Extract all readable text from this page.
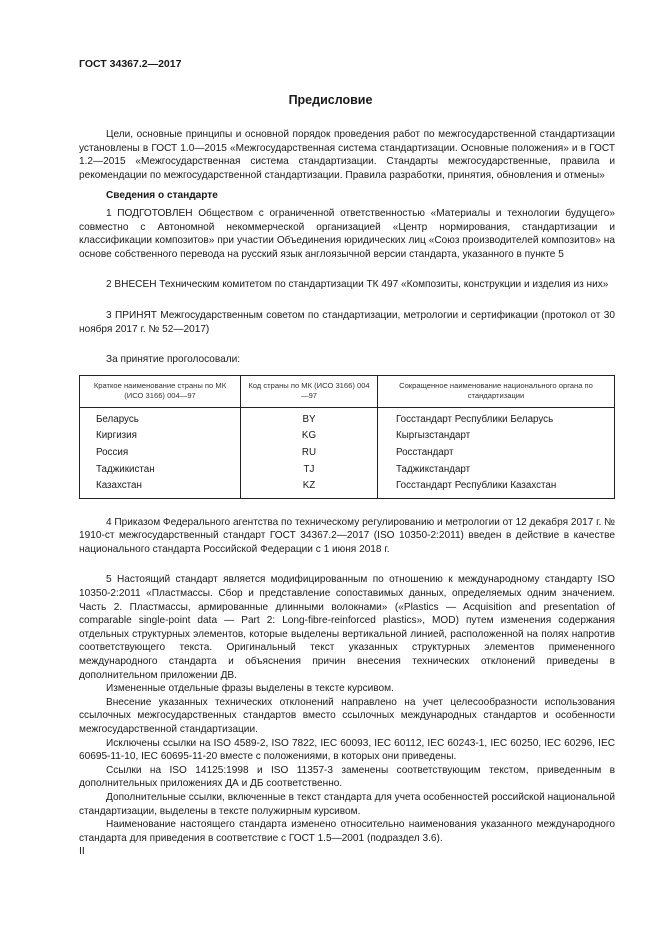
ГОСТ 34367.2—2017
Предисловие

Цели, основные принципы и основной порядок проведения работ по межгосударственной стандартизации установлены в ГОСТ 1.0—2015 «Межгосударственная система стандартизации. Основные положения» и в ГОСТ 1.2—2015 «Межгосударственная система стандартизации. Стандарты межгосударственные, правила и рекомендации по межгосударственной стандартизации. Правила разработки, принятия, обновления и отмены»

Сведения о стандарте

1 ПОДГОТОВЛЕН Обществом с ограниченной ответственностью «Материалы и технологии будущего» совместно с Автономной некоммерческой организацией «Центр нормирования, стандартизации и классификации композитов» при участии Объединения юридических лиц «Союз производителей композитов» на основе собственного перевода на русский язык англоязычной версии стандарта, указанного в пункте 5

2 ВНЕСЕН Техническим комитетом по стандартизации ТК 497 «Композиты, конструкции и изделия из них»

3 ПРИНЯТ Межгосударственным советом по стандартизации, метрологии и сертификации (протокол от 30 ноября 2017 г. № 52—2017)

За принятие проголосовали:

Краткое наименование страны по МК (ИСО 3166) 004—97	Код страны по МК (ИСО 3166) 004—97	Сокращенное наименование национального органа по стандартизации
Беларусь	BY	Госстандарт Республики Беларусь
Киргизия	KG	Кыргызстандарт
Россия	RU	Росстандарт
Таджикистан	TJ	Таджикстандарт
Казахстан	KZ	Госстандарт Республики Казахстан

4 Приказом Федерального агентства по техническому регулированию и метрологии от 12 декабря 2017 г. № 1910-ст межгосударственный стандарт ГОСТ 34367.2—2017 (ISO 10350-2:2011) введен в действие в качестве национального стандарта Российской Федерации с 1 июня 2018 г.

5 Настоящий стандарт является модифицированным по отношению к международному стандарту ISO 10350-2:2011 «Пластмассы. Сбор и представление сопоставимых данных, определяемых одним значением. Часть 2. Пластмассы, армированные длинными волокнами» («Plastics — Acquisition and presentation of comparable single-point data — Part 2: Long-fibre-reinforced plastics», MOD) путем изменения содержания отдельных структурных элементов, которые выделены вертикальной линией, расположенной на полях напротив соответствующего текста. Оригинальный текст указанных структурных элементов примененного международного стандарта и объяснения причин внесения технических отклонений приведены в дополнительном приложении ДВ.

Измененные отдельные фразы выделены в тексте курсивом.

Внесение указанных технических отклонений направлено на учет целесообразности использования ссылочных межгосударственных стандартов вместо ссылочных международных стандартов и особенности межгосударственной стандартизации.

Исключены ссылки на ISO 4589-2, ISO 7822, IEC 60093, IEC 60112, IEC 60243-1, IEC 60250, IEC 60296, IEC 60695-11-10, IEC 60695-11-20 вместе с положениями, в которых они приведены.

Ссылки на ISO 14125:1998 и ISO 11357-3 заменены соответствующим текстом, приведенным в дополнительных приложениях ДА и ДБ соответственно.

Дополнительные ссылки, включенные в текст стандарта для учета особенностей российской национальной стандартизации, выделены в тексте полужирным курсивом.

Наименование настоящего стандарта изменено относительно наименования указанного международного стандарта для приведения в соответствие с ГОСТ 1.5—2001 (подраздел 3.6).

II
